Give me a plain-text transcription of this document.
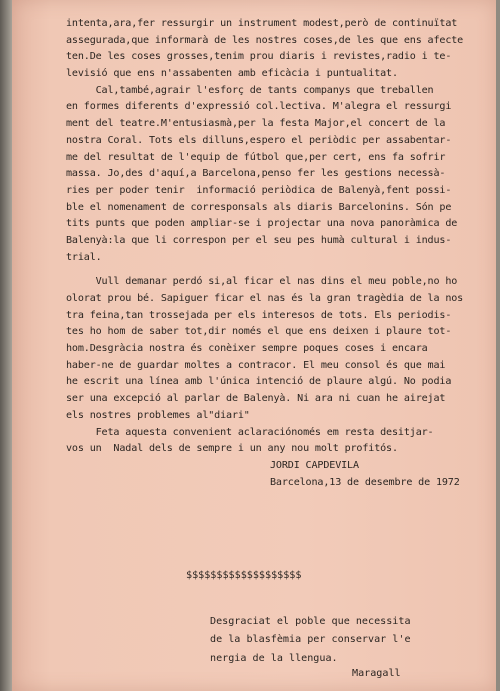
intenta,ara,fer ressurgir un instrument modest,però de continuïtat
assegurada,que informarà de les nostres coses,de les que ens afecte
ten.De les coses grosses,tenim prou diaris i revistes,radio i te-
levisió que ens n'assabenten amb eficàcia i puntualitat.
Cal,també,agrair l'esforç de tants companys que treballen
en formes diferents d'expressió col.lectiva. M'alegra el ressurgi
ment del teatre.M'entusiasmà,per la festa Major,el concert de la
nostra Coral. Tots els dilluns,espero el periòdic per assabentar-
me del resultat de l'equip de fútbol que,per cert, ens fa sofrir
massa. Jo,des d'aquí,a Barcelona,penso fer les gestions necessà-
ries per poder tenir  informació periòdica de Balenyà,fent possi-
ble el nomenament de corresponsals als diaris Barcelonins. Són pe
tits punts que poden ampliar-se i projectar una nova panoràmica de
Balenyà:la que li correspon per el seu pes humà cultural i indus-
trial.
Vull demanar perdó si,al ficar el nas dins el meu poble,no ho
olorat prou bé. Sapiguer ficar el nas és la gran tragèdia de la nos
tra feina,tan trossejada per els interesos de tots. Els periodis-
tes ho hom de saber tot,dir només el que ens deixen i plaure tot-
hom.Desgràcia nostra és conèixer sempre poques coses i encara
haber-ne de guardar moltes a contracor. El meu consol és que mai
he escrit una línea amb l'única intenció de plaure algú. No podia
ser una excepció al parlar de Balenyà. Ni ara ni cuan he airejat
els nostres problemes al"diari"
Feta aquesta convenient aclaraciónomés em resta desitjar-
vos un  Nadal dels de sempre i un any nou molt profitós.
JORDI CAPDEVILA
Barcelona,13 de desembre de 1972
$$$$$$$$$$$$$$$$$$$
Desgraciat el poble que necessita
de la blasfèmia per conservar l'e
nergia de la llengua.
Maragall
